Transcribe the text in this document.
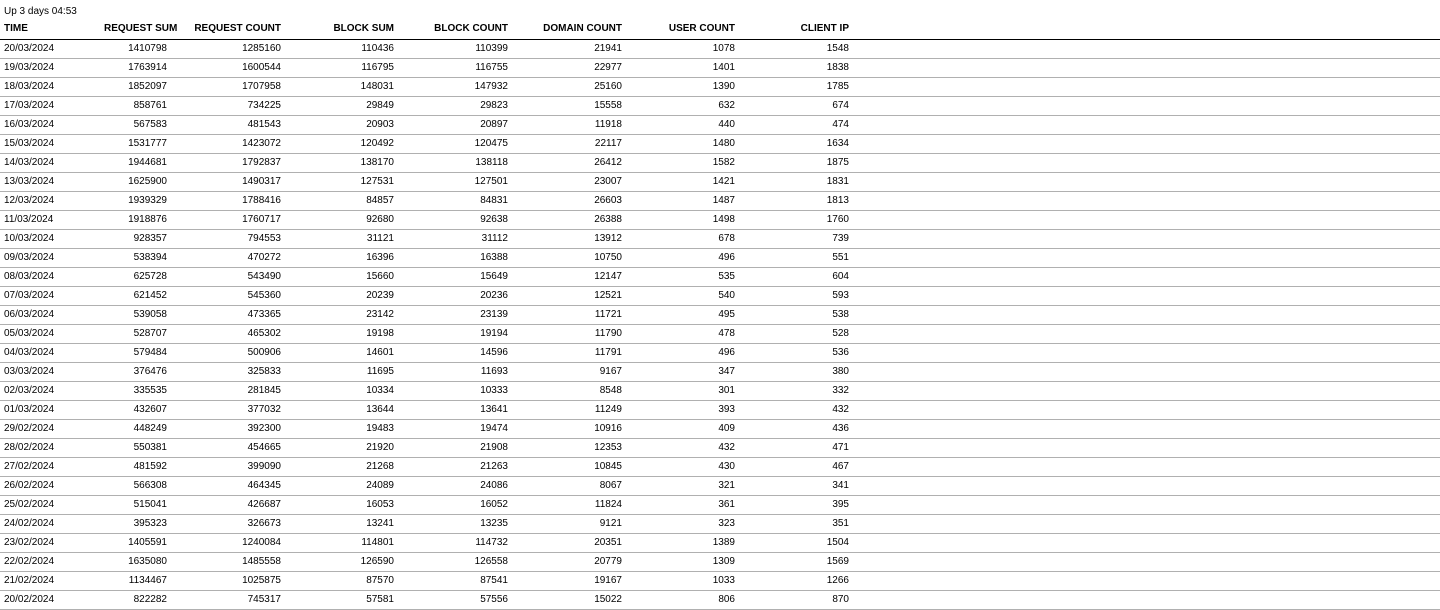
Up 3 days 04:53
TIME	REQUEST SUM	REQUEST COUNT	BLOCK SUM	BLOCK COUNT	DOMAIN COUNT	USER COUNT	CLIENT IP	
20/03/2024	1410798	1285160	110436	110399	21941	1078	1548	
19/03/2024	1763914	1600544	116795	116755	22977	1401	1838	
18/03/2024	1852097	1707958	148031	147932	25160	1390	1785	
17/03/2024	858761	734225	29849	29823	15558	632	674	
16/03/2024	567583	481543	20903	20897	11918	440	474	
15/03/2024	1531777	1423072	120492	120475	22117	1480	1634	
14/03/2024	1944681	1792837	138170	138118	26412	1582	1875	
13/03/2024	1625900	1490317	127531	127501	23007	1421	1831	
12/03/2024	1939329	1788416	84857	84831	26603	1487	1813	
11/03/2024	1918876	1760717	92680	92638	26388	1498	1760	
10/03/2024	928357	794553	31121	31112	13912	678	739	
09/03/2024	538394	470272	16396	16388	10750	496	551	
08/03/2024	625728	543490	15660	15649	12147	535	604	
07/03/2024	621452	545360	20239	20236	12521	540	593	
06/03/2024	539058	473365	23142	23139	11721	495	538	
05/03/2024	528707	465302	19198	19194	11790	478	528	
04/03/2024	579484	500906	14601	14596	11791	496	536	
03/03/2024	376476	325833	11695	11693	9167	347	380	
02/03/2024	335535	281845	10334	10333	8548	301	332	
01/03/2024	432607	377032	13644	13641	11249	393	432	
29/02/2024	448249	392300	19483	19474	10916	409	436	
28/02/2024	550381	454665	21920	21908	12353	432	471	
27/02/2024	481592	399090	21268	21263	10845	430	467	
26/02/2024	566308	464345	24089	24086	8067	321	341	
25/02/2024	515041	426687	16053	16052	11824	361	395	
24/02/2024	395323	326673	13241	13235	9121	323	351	
23/02/2024	1405591	1240084	114801	114732	20351	1389	1504	
22/02/2024	1635080	1485558	126590	126558	20779	1309	1569	
21/02/2024	1134467	1025875	87570	87541	19167	1033	1266	
20/02/2024	822282	745317	57581	57556	15022	806	870	
